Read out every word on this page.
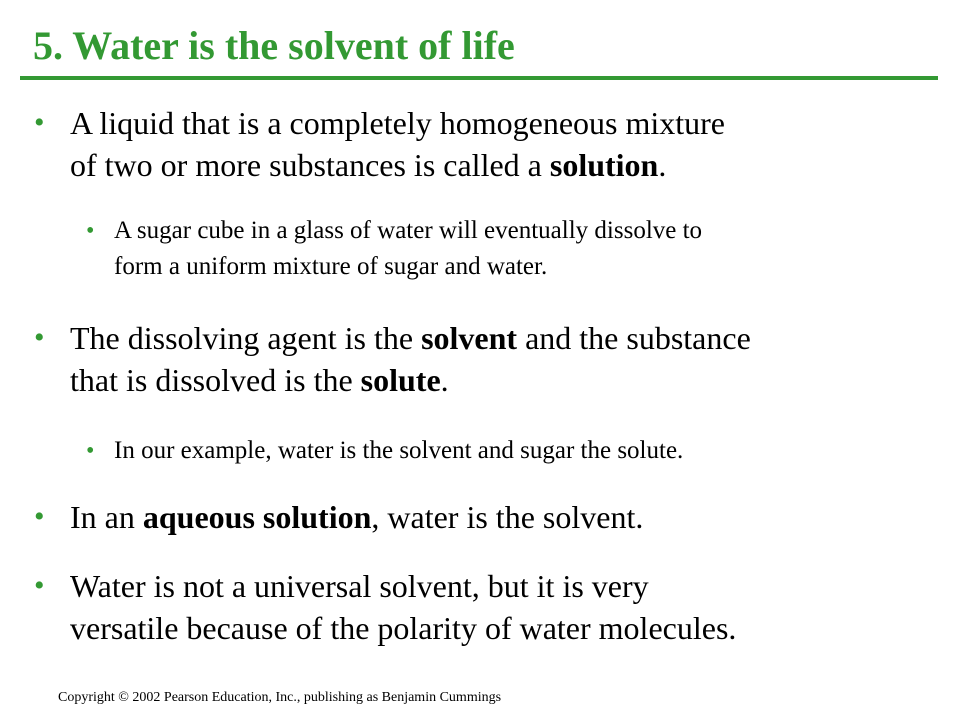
5. Water is the solvent of life
• A liquid that is a completely homogeneous mixture
of two or more substances is called a solution.
• A sugar cube in a glass of water will eventually dissolve to
form a uniform mixture of sugar and water.
• The dissolving agent is the solvent and the substance
that is dissolved is the solute.
• In our example, water is the solvent and sugar the solute.
• In an aqueous solution, water is the solvent.
• Water is not a universal solvent, but it is very
versatile because of the polarity of water molecules.

Copyright © 2002 Pearson Education, Inc., publishing as Benjamin Cummings
